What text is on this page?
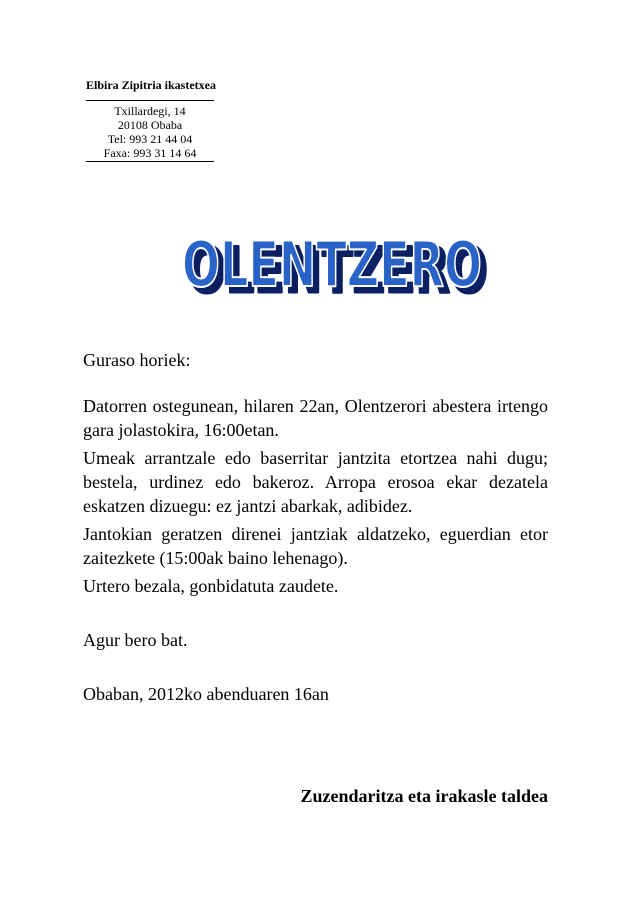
Elbira Zipitria ikastetxea

Txillardegi, 14
20108 Obaba
Tel: 993 21 44 04
Faxa: 993 31 14 64
OLENTZERO
OLENTZERO

Guraso horiek:

Datorren ostegunean, hilaren 22an, Olentzerori abestera irtengo gara jolastokira, 16:00etan.

Umeak arrantzale edo baserritar jantzita etortzea nahi dugu; bestela, urdinez edo bakeroz. Arropa erosoa ekar dezatela eskatzen dizuegu: ez jantzi abarkak, adibidez.

Jantokian geratzen direnei jantziak aldatzeko, eguerdian etor zaitezkete (15:00ak baino lehenago).

Urtero bezala, gonbidatuta zaudete.

Agur bero bat.

Obaban, 2012ko abenduaren 16an

Zuzendaritza eta irakasle taldea
